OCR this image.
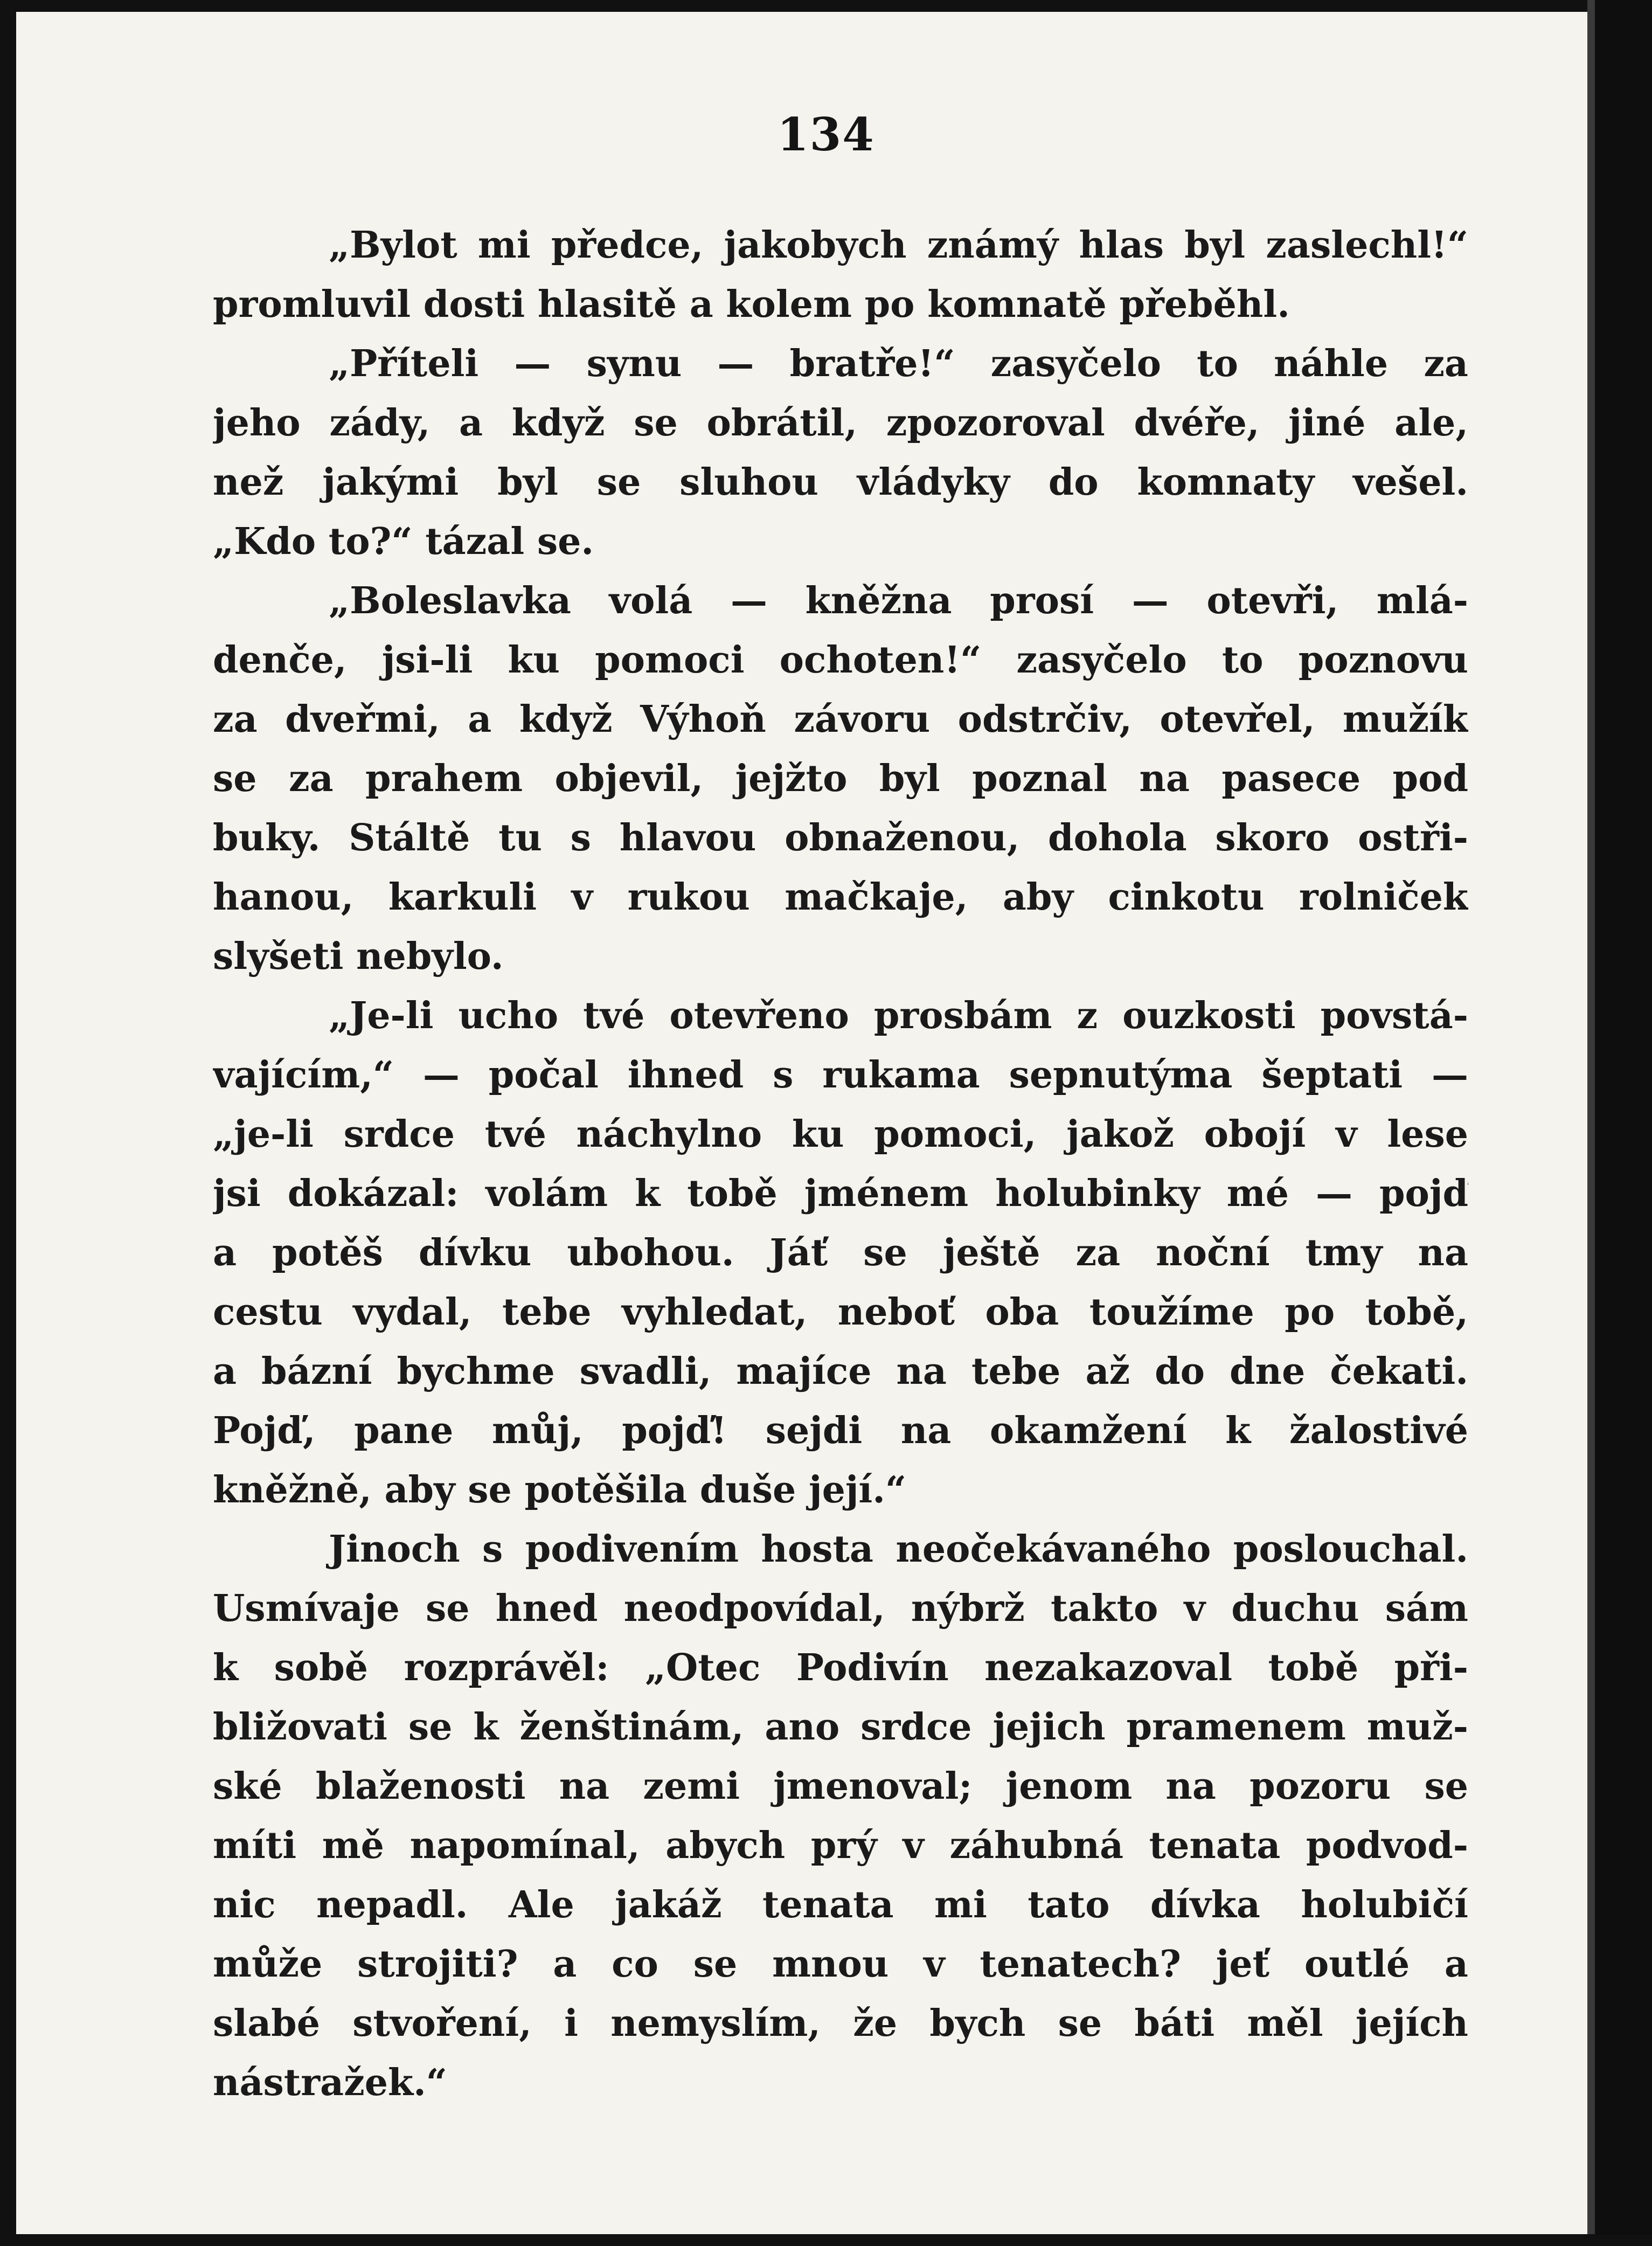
134
„Bylot mi předce, jakobych známý hlas byl zaslechl!“
promluvil dosti hlasitě a kolem po komnatě přeběhl.
„Příteli — synu — bratře!“ zasyčelo to náhle za
jeho zády, a když se obrátil, zpozoroval dvéře, jiné ale,
než jakými byl se sluhou vládyky do komnaty vešel.
„Kdo to?“ tázal se.
„Boleslavka volá — kněžna prosí — otevři, mlá-
denče, jsi-li ku pomoci ochoten!“ zasyčelo to poznovu
za dveřmi, a když Výhoň závoru odstrčiv, otevřel, mužík
se za prahem objevil, jejžto byl poznal na pasece pod
buky. Stáltě tu s hlavou obnaženou, dohola skoro ostři-
hanou, karkuli v rukou mačkaje, aby cinkotu rolniček
slyšeti nebylo.
„Je-li ucho tvé otevřeno prosbám z ouzkosti povstá-
vajícím,“ — počal ihned s rukama sepnutýma šeptati —
„je-li srdce tvé náchylno ku pomoci, jakož obojí v lese
jsi dokázal: volám k tobě jménem holubinky mé — pojď
a potěš dívku ubohou. Jáť se ještě za noční tmy na
cestu vydal, tebe vyhledat, neboť oba toužíme po tobě,
a bázní bychme svadli, majíce na tebe až do dne čekati.
Pojď, pane můj, pojď! sejdi na okamžení k žalostivé
kněžně, aby se potěšila duše její.“
Jinoch s podivením hosta neočekávaného poslouchal.
Usmívaje se hned neodpovídal, nýbrž takto v duchu sám
k sobě rozprávěl: „Otec Podivín nezakazoval tobě při-
bližovati se k ženštinám, ano srdce jejich pramenem muž-
ské blaženosti na zemi jmenoval; jenom na pozoru se
míti mě napomínal, abych prý v záhubná tenata podvod-
nic nepadl. Ale jakáž tenata mi tato dívka holubičí
může strojiti? a co se mnou v tenatech? jeť outlé a
slabé stvoření, i nemyslím, že bych se báti měl jejích
nástražek.“
